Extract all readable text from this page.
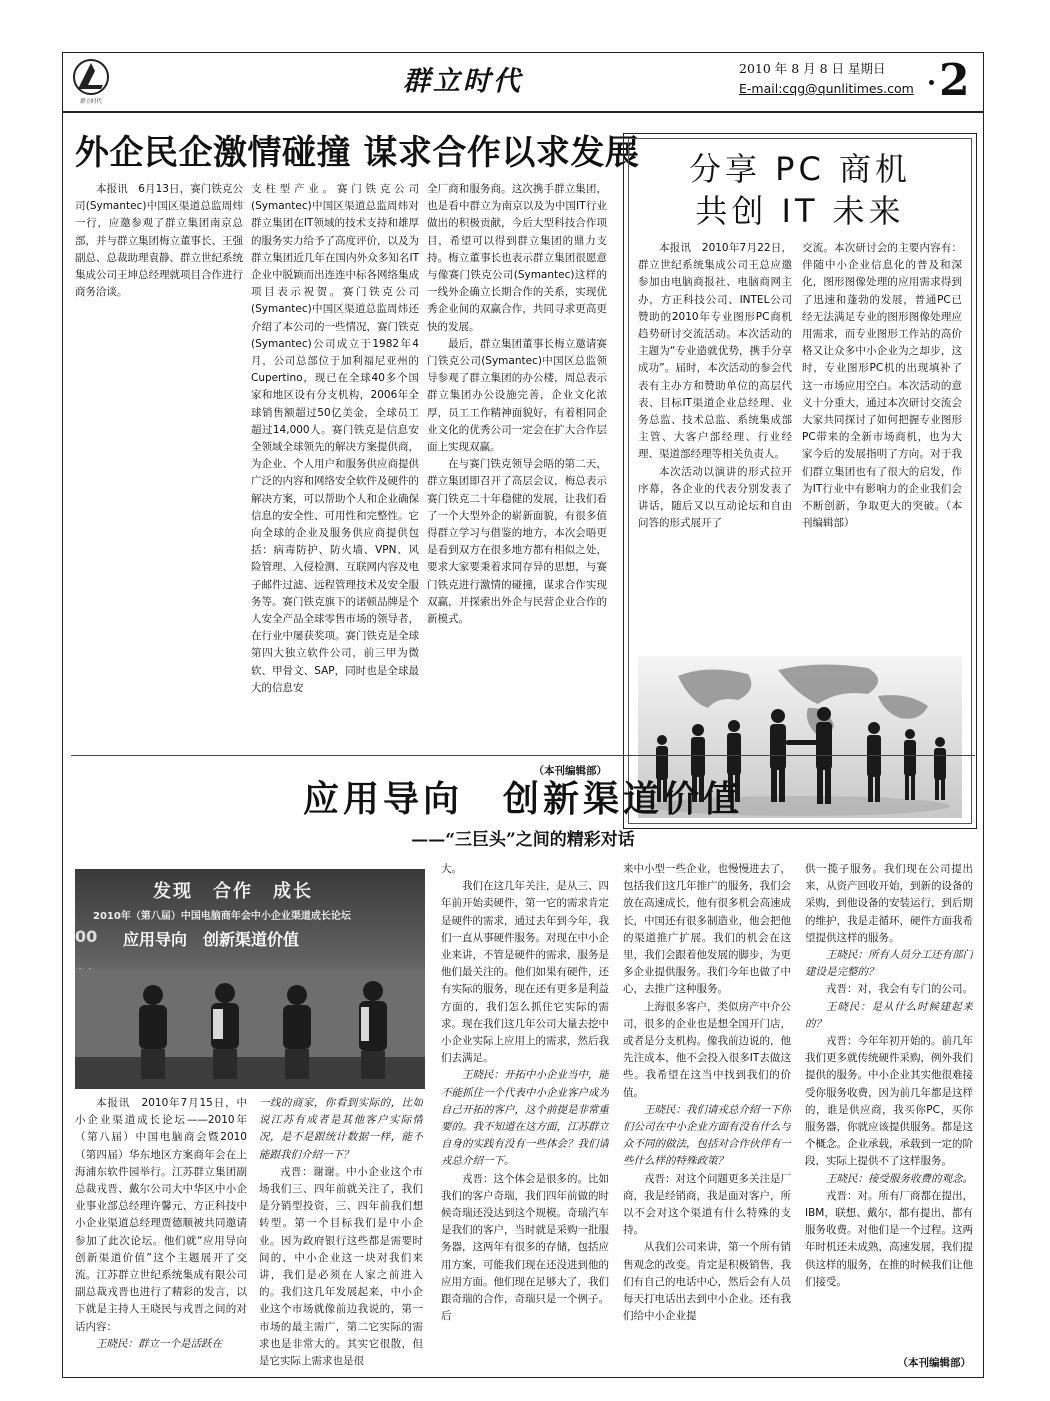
群立时代
群立时代	2010 年 8 月 8 日 星期日
E-mail:cqg@qunlitimes.com 2
外企民企激情碰撞 谋求合作以求发展

本报讯　6月13日，赛门铁克公司(Symantec)中国区渠道总监周炜一行，应邀参观了群立集团南京总部，并与群立集团梅立董事长、王强副总、总裁助理袁静、群立世纪系统集成公司王坤总经理就项目合作进行商务洽谈。

支柱型产业。赛门铁克公司(Symantec)中国区渠道总监周炜对群立集团在IT领域的技术支持和雄厚的服务实力给予了高度评价，以及为群立集团近几年在国内外众多知名IT企业中脱颖而出连连中标各网络集成项目表示祝贺。赛门铁克公司(Symantec)中国区渠道总监周炜还介绍了本公司的一些情况，赛门铁克(Symantec)公司成立于1982年4月，公司总部位于加利福尼亚州的Cupertino，现已在全球40多个国家和地区设有分支机构，2006年全球销售额超过50亿美金，全球员工超过14,000人。赛门铁克是信息安全领域全球领先的解决方案提供商，为企业、个人用户和服务供应商提供广泛的内容和网络安全软件及硬件的解决方案，可以帮助个人和企业确保信息的安全性、可用性和完整性。它向全球的企业及服务供应商提供包括：病毒防护、防火墙、VPN、风险管理、入侵检测、互联网内容及电子邮件过滤、远程管理技术及安全服务等。赛门铁克旗下的诺顿品牌是个人安全产品全球零售市场的领导者，在行业中屡获奖项。赛门铁克是全球第四大独立软件公司，前三甲为微软、甲骨文、SAP，同时也是全球最大的信息安

全厂商和服务商。这次携手群立集团，也是看中群立为南京以及为中国IT行业做出的积极贡献，今后大型科技合作项目，希望可以得到群立集团的鼎力支持。梅立董事长也表示群立集团很愿意与像赛门铁克公司(Symantec)这样的一线外企确立长期合作的关系，实现优秀企业间的双赢合作，共同寻求更高更快的发展。

最后，群立集团董事长梅立邀请赛门铁克公司(Symantec)中国区总监领导参观了群立集团的办公楼，周总表示群立集团办公设施完善，企业文化浓厚，员工工作精神面貌好，有着相同企业文化的优秀公司一定会在扩大合作层面上实现双赢。

在与赛门铁克领导会晤的第二天，群立集团即召开了高层会议，梅总表示赛门铁克二十年稳健的发展，让我们看了一个大型外企的崭新面貌，有很多值得群立学习与借鉴的地方，本次会晤更是看到双方在很多地方都有相似之处，要求大家要秉着求同存异的思想，与赛门铁克进行激情的碰撞，谋求合作实现双赢，并探索出外企与民营企业合作的新模式。

（本刊编辑部）
分享 PC 商机
共创 IT 未来

本报讯　2010年7月22日，群立世纪系统集成公司王总应邀参加由电脑商报社、电脑商网主办，方正科技公司、INTEL公司赞助的2010年专业图形PC商机趋势研讨交流活动。本次活动的主题为“专业造就优势，携手分享成功”。届时，本次活动的参会代表有主办方和赞助单位的高层代表、目标IT渠道企业总经理、业务总监、技术总监、系统集成部主管、大客户部经理、行业经理、渠道部经理等相关负责人。

本次活动以演讲的形式拉开序幕，各企业的代表分别发表了讲话，随后又以互动论坛和自由问答的形式展开了

交流。本次研讨会的主要内容有：伴随中小企业信息化的普及和深化，图形图像处理的应用需求得到了迅速和蓬勃的发展，普通PC已经无法满足专业的图形图像处理应用需求，而专业图形工作站的高价格又让众多中小企业为之却步，这时，专业图形PC机的出现填补了这一市场应用空白。本次活动的意义十分重大，通过本次研讨交流会大家共同探讨了如何把握专业图形PC带来的全新市场商机，也为大家今后的发展指明了方向。对于我们群立集团也有了很大的启发，作为IT行业中有影响力的企业我们会不断创新，争取更大的突破。（本刊编辑部）

应用导向　创新渠道价值
——“三巨头”之间的精彩对话
发现　合作　成长
2010年（第八届）中国电脑商年会中小企业渠道成长论坛
应用导向　创新渠道价值
00

本报讯　2010年7月15日，中小企业渠道成长论坛——2010年（第八届）中国电脑商会暨2010（第四届）华东地区方案商年会在上海浦东软件园举行。江苏群立集团副总裁戎晋、戴尔公司大中华区中小企业事业部总经理许馨元、方正科技中小企业渠道总经理贾德顺被共同邀请参加了此次论坛。他们就“应用导向 创新渠道价值”这个主题展开了交流。江苏群立世纪系统集成有限公司副总裁戎晋也进行了精彩的发言，以下就是主持人王晓民与戎晋之间的对话内容：

王晓民：群立一个是活跃在

一线的商家，你看到实际的，比如说江苏有成者是其他客户实际情况，是不是跟统计数据一样，能不能跟我们介绍一下？

戎晋：谢谢。中小企业这个市场我们三、四年前就关注了，我们是分销型投资，三、四年前我们想转型。第一个目标我们是中小企业。因为政府银行这些都是需要时间的，中小企业这一块对我们来讲，我们是必须在人家之前进入的。我们这几年发展起来，中小企业这个市场就像前边我说的，第一市场的最主需广，第二它实际的需求也是非常大的。其实它很散，但是它实际上需求也是很

大。

我们在这几年关注，是从三、四年前开始卖硬件，第一它的需求肯定是硬件的需求，通过去年到今年，我们一直从事硬件服务。对现在中小企业来讲，不管是硬件的需求，服务是他们最关注的。他们如果有硬件，还有实际的服务，现在还有更多是利益方面的，我们怎么抓住它实际的需求。现在我们这几年公司大量去挖中小企业实际上应用上的需求，然后我们去满足。

王晓民：开拓中小企业当中，能不能抓住一个代表中小企业客户成为自己开拓的客户，这个前提是非常重要的。我不知道在这方面，江苏群立自身的实践有没有一些体会？我们请戎总介绍一下。

戎晋：这个体会是很多的。比如我们的客户奇瑞，我们四年前做的时候奇瑞还没达到这个规模。奇瑞汽车是我们的客户，当时就是采购一批服务器，这两年有很多的存储，包括应用方案，可能我们现在还没进到他的应用方面。他们现在足够大了，我们跟奇瑞的合作，奇瑞只是一个例子。后

来中小型一些企业，也慢慢进去了，包括我们这几年推广的服务，我们会放在高速成长，他有很多机会高速成长，中国还有很多制造业，他会把他的渠道推广扩展。我们的机会在这里，我们会跟着他发展的脚步，为更多企业提供服务。我们今年也做了中心，去推广这种服务。

上海很多客户，类似房产中介公司，很多的企业也是想全国开门店，或者是分支机构。像我前边说的，他先注成本，他不会投入很多IT去做这些。我希望在这当中找到我们的价值。

王晓民：我们请戎总介绍一下你们公司在中小企业方面有没有什么与众不同的做法，包括对合作伙伴有一些什么样的特殊政策？

戎晋：对这个问题更多关注是厂商，我是经销商，我是面对客户，所以不会对这个渠道有什么特殊的支持。

从我们公司来讲，第一个所有销售观念的改变。肯定是积极销售，我们有自己的电话中心，然后会有人员每天打电话出去到中小企业。还有我们给中小企业提

供一揽子服务。我们现在公司提出来，从资产回收开始，到新的设备的采购，到他设备的安装运行，到后期的维护，我是走循环，硬件方面我希望提供这样的服务。

王晓民：所有人员分工还有部门建设是完整的？

戎晋：对，我会有专门的公司。

王晓民：是从什么时候建起来的？

戎晋：今年年初开始的。前几年我们更多就传统硬件采购，例外我们提供的服务。中小企业其实他很难接受你服务收费，因为前几年都是这样的，谁是供应商，我买你PC，买你服务器，你就应该提供服务。都是这个概念。企业承载，承载到一定的阶段，实际上提供不了这样服务。

王晓民：接受服务收费的观念。

戎晋：对。所有厂商都在提出，IBM，联想、戴尔，都有提出，都有服务收费。对他们是一个过程。这两年时机还未成熟，高速发展，我们提供这样的服务，在推的时候我们让他们接受。

（本刊编辑部）
